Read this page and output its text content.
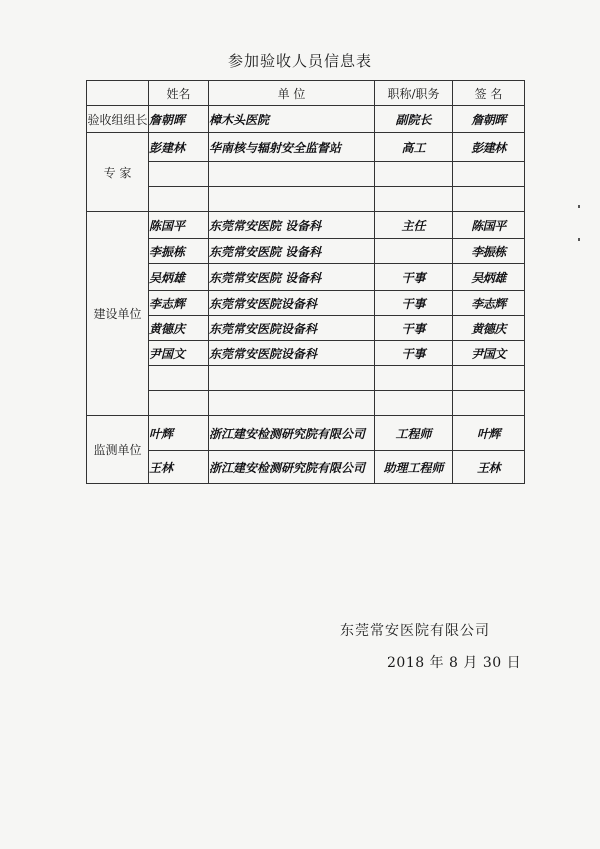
参加验收人员信息表
	姓名	单 位	职称/职务	签 名
验收组组长	詹朝晖	樟木头医院	副院长	詹朝晖
专 家	彭建林	华南核与辐射安全监督站	高工	彭建林

建设单位	陈国平	东莞常安医院 设备科	主任	陈国平
	李振栋	东莞常安医院 设备科		李振栋
	吴炳雄	东莞常安医院 设备科	干事	吴炳雄
	李志辉	东莞常安医院设备科	干事	李志辉
	黄德庆	东莞常安医院设备科	干事	黄德庆
	尹国文	东莞常安医院设备科	干事	尹国文

监测单位	叶辉	浙江建安检测研究院有限公司	工程师	叶辉
	王林	浙江建安检测研究院有限公司	助理工程师	王林
东莞常安医院有限公司
2018 年 8 月 30 日
